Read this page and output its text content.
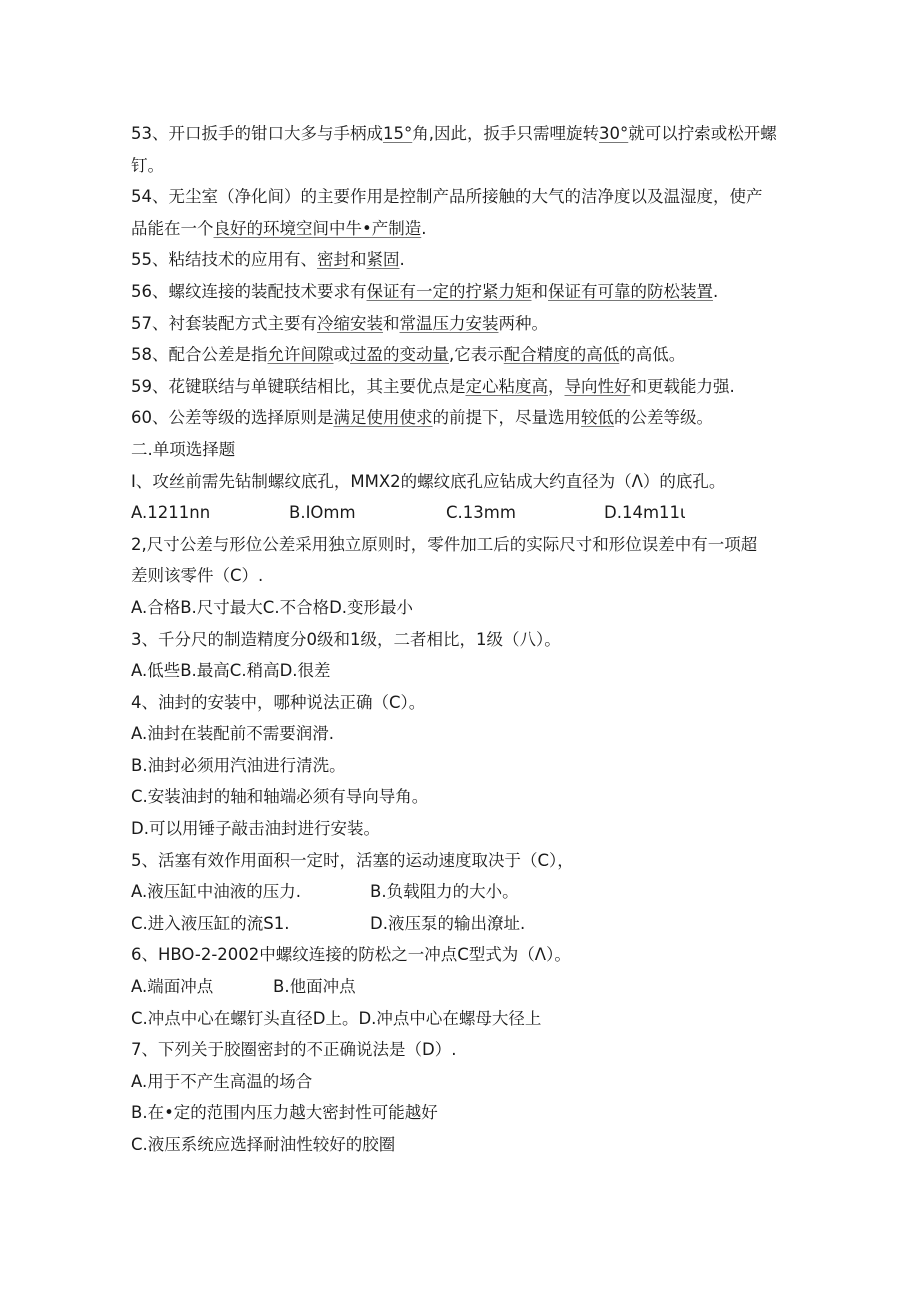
53、开口扳手的钳口大多与手柄成15°角,因此，扳手只需哩旋转30°就可以拧索或松开螺
钉。
54、无尘室（净化间）的主要作用是控制产品所接触的大气的洁净度以及温湿度，使产
品能在一个良好的环境空间中牛•产制造.
55、粘结技术的应用有、密封和紧固.
56、螺纹连接的装配技术要求有保证有一定的拧紧力矩和保证有可靠的防松装置.
57、衬套装配方式主要有冷缩安装和常温压力安装两种。
58、配合公差是指允许间隙或过盈的变动量,它表示配合精度的高低的高低。
59、花键联结与单键联结相比，其主要优点是定心粘度高，导向性好和更载能力强.
60、公差等级的选择原则是满足使用使求的前提下，尽量选用较低的公差等级。
二.单项选择题
I、攻丝前需先钻制螺纹底孔，MMX2的螺纹底孔应钻成大约直径为（Λ）的底孔。
A.1211nn	B.IOmm	C.13mm	D.14m11ι
2,尺寸公差与形位公差采用独立原则时，零件加工后的实际尺寸和形位误差中有一项超
差则该零件（C）.
A.合格B.尺寸最大C.不合格D.变形最小
3、千分尺的制造精度分0级和1级，二者相比，1级（八）。
A.低些B.最高C.稍高D.很差
4、油封的安装中，哪种说法正确（C）。
A.油封在装配前不需要润滑.
B.油封必须用汽油进行清洗。
C.安装油封的轴和轴端必须有导向导角。
D.可以用锤子敲击油封进行安装。
5、活塞有效作用面积一定时，活塞的运动速度取决于（C），
A.液压缸中油液的压力.	B.负载阻力的大小。
C.进入液压缸的流S1.	D.液压泵的输出潦址.
6、HBO-2-2002中螺纹连接的防松之一冲点C型式为（Λ）。
A.端面冲点	B.他面冲点
C.冲点中心在螺钉头直径D上。D.冲点中心在螺母大径上
7、下列关于胶圈密封的不正确说法是（D）.
A.用于不产生高温的场合
B.在•定的范围内压力越大密封性可能越好
C.液压系统应选择耐油性较好的胶圈
